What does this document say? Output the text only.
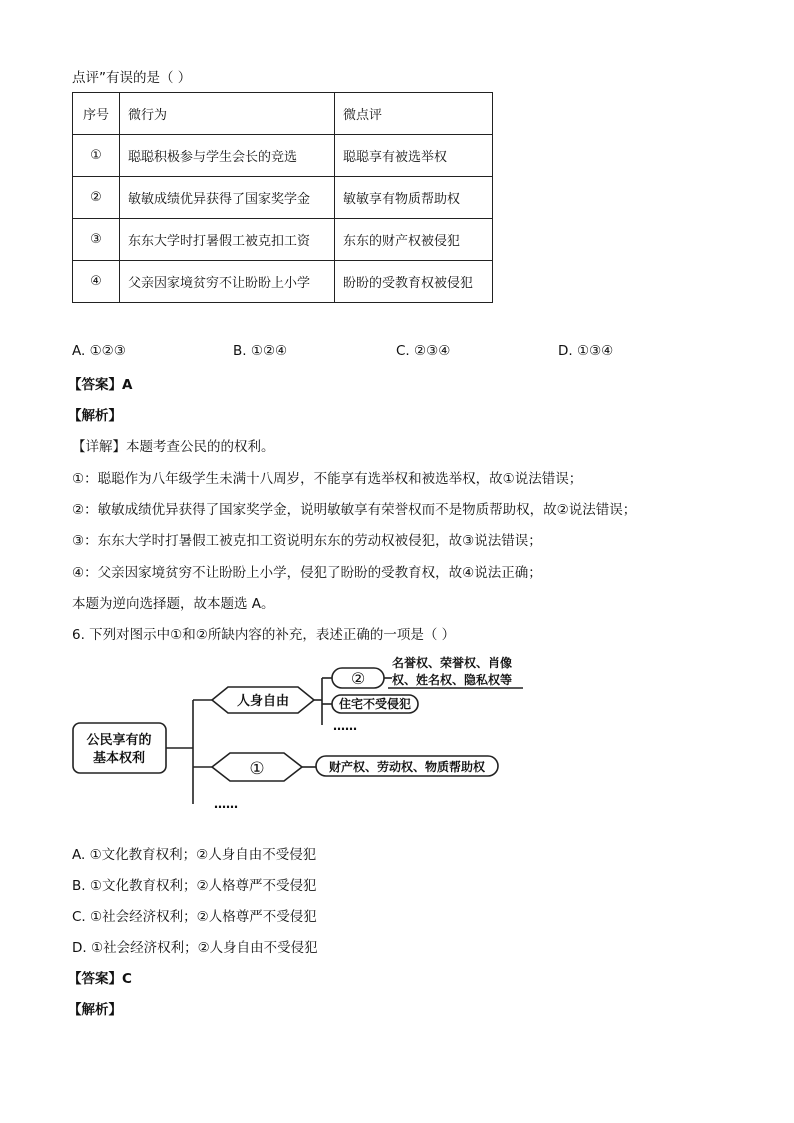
点评”有误的是（ ）
序号	微行为	微点评
①	聪聪积极参与学生会长的竞选	聪聪享有被选举权
②	敏敏成绩优异获得了国家奖学金	敏敏享有物质帮助权
③	东东大学时打暑假工被克扣工资	东东的财产权被侵犯
④	父亲因家境贫穷不让盼盼上小学	盼盼的受教育权被侵犯
A. ①②③	B. ①②④	C. ②③④	D. ①③④
【答案】A
【解析】
【详解】本题考查公民的的权利。
①：聪聪作为八年级学生未满十八周岁，不能享有选举权和被选举权，故①说法错误；
②：敏敏成绩优异获得了国家奖学金，说明敏敏享有荣誉权而不是物质帮助权，故②说法错误；
③：东东大学时打暑假工被克扣工资说明东东的劳动权被侵犯，故③说法错误；
④：父亲因家境贫穷不让盼盼上小学，侵犯了盼盼的受教育权，故④说法正确；
本题为逆向选择题，故本题选 A。
6. 下列对图示中①和②所缺内容的补充，表述正确的一项是（ ）
公民享有的
基本权利
人身自由
①
②
名誉权、荣誉权、肖像
权、姓名权、隐私权等
住宅不受侵犯
……
财产权、劳动权、物质帮助权
……
A. ①文化教育权利；②人身自由不受侵犯
B. ①文化教育权利；②人格尊严不受侵犯
C. ①社会经济权利；②人格尊严不受侵犯
D. ①社会经济权利；②人身自由不受侵犯
【答案】C
【解析】
